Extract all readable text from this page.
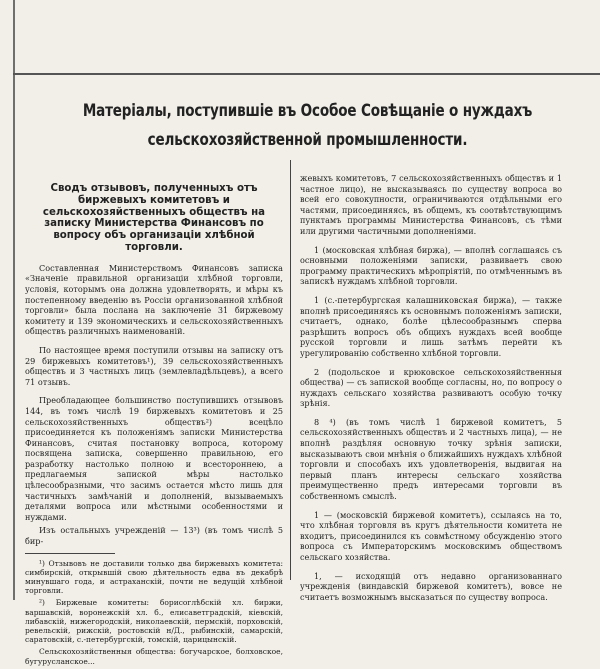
Матеріалы, поступившіе въ Особое Совѣщаніе о нуждахъ сельскохозяйственной промышленности.
Сводъ отзывовъ, полученныхъ отъ биржевыхъ комитетовъ и сельскохозяйственныхъ обществъ на записку Министерства Финансовъ по вопросу объ организаціи хлѣбной торговли.

Составленная Министерствомъ Финансовъ записка «Значеніе правильной организаціи хлѣбной торговли, условія, которымъ она должна удовлетворять, и мѣры къ постепенному введенію въ Россіи организованной хлѣбной торговли» была послана на заключеніе 31 биржевому комитету и 139 экономическихъ и сельскохозяйственныхъ обществъ различныхъ наименованій.

По настоящее время поступили отзывы на записку отъ 29 биржевыхъ комитетовъ¹), 39 сельскохозяйственныхъ обществъ и 3 частныхъ лицъ (землевладѣльцевъ), а всего 71 отзывъ.

Преобладающее большинство поступившихъ отзывовъ 144, въ томъ числѣ 19 биржевыхъ комитетовъ и 25 сельскохозяйственныхъ обществъ²) всецѣло присоединяется къ положеніямъ записки Министерства Финансовъ, считая постановку вопроса, которому посвящена записка, совершенно правильною, его разработку настолько полною и всестороннею, а предлагаемыя запиской мѣры настолько цѣлесообразными, что засимъ остается мѣсто лишь для частичныхъ замѣчаній и дополненій, вызываемыхъ деталями вопроса или мѣстными особенностями и нуждами.

Изъ остальныхъ учрежденій — 13³) (въ томъ числѣ 5 бир-

¹) Отзывовъ не доставили только два биржевыхъ комитета: симбирскій, открывшій свою дѣятельность едва въ декабрѣ минувшаго года, и астраханскій, почти не ведущій хлѣбной торговли.

²) Биржевые комитеты: борисоглѣбскій хл. биржи, варшавскій, воронежскій хл. б., елисаветградскій, кіевскій, либавскій, нижегородскій, николаевскій, пермскій, порховскій, ревельскій, рижскій, ростовскій н/Д., рыбинскій, самарскій, саратовскій, с.-петербургскій, томскій, царицынскій.

Сельскохозяйственныя общества: богучарское, болховское, бугурусланское...

жевыхъ комитетовъ, 7 сельскохозяйственныхъ обществъ и 1 частное лицо), не высказываясь по существу вопроса во всей его совокупности, ограничиваются отдѣльными его частями, присоединяясь, въ общемъ, къ соотвѣтствующимъ пунктамъ программы Министерства Финансовъ, съ тѣми или другими частичными дополненіями.

1 (московская хлѣбная биржа), — вполнѣ соглашаясь съ основными положеніями записки, развиваетъ свою программу практическихъ мѣропріятій, по отмѣченнымъ въ запискѣ нуждамъ хлѣбной торговли.

1 (с.-петербургская калашниковская биржа), — также вполнѣ присоединяясь къ основнымъ положеніямъ записки, считаетъ, однако, болѣе цѣлесообразнымъ сперва разрѣшить вопросъ объ общихъ нуждахъ всей вообще русской торговли и лишь затѣмъ перейти къ урегулированію собственно хлѣбной торговли.

2 (подольское и крюковское сельскохозяйственныя общества) — съ запиской вообще согласны, но, по вопросу о нуждахъ сельскаго хозяйства развиваютъ особую точку зрѣнія.

8 ⁴) (въ томъ числѣ 1 биржевой комитетъ, 5 сельскохозяйственныхъ обществъ и 2 частныхъ лица), — не вполнѣ раздѣляя основную точку зрѣнія записки, высказываютъ свои мнѣнія о ближайшихъ нуждахъ хлѣбной торговли и способахъ ихъ удовлетворенія, выдвигая на первый планъ интересы сельскаго хозяйства преимущественно предъ интересами торговли въ собственномъ смыслѣ.

1 — (московскій биржевой комитетъ), ссылаясь на то, что хлѣбная торговля въ кругъ дѣятельности комитета не входитъ, присоединился къ совмѣстному обсужденію этого вопроса съ Императорскимъ московскимъ обществомъ сельскаго хозяйства.

1, — исходящій отъ недавно организованнаго учрежденія (виндавскій биржевой комитетъ), вовсе не считаетъ возможнымъ высказаться по существу вопроса.
